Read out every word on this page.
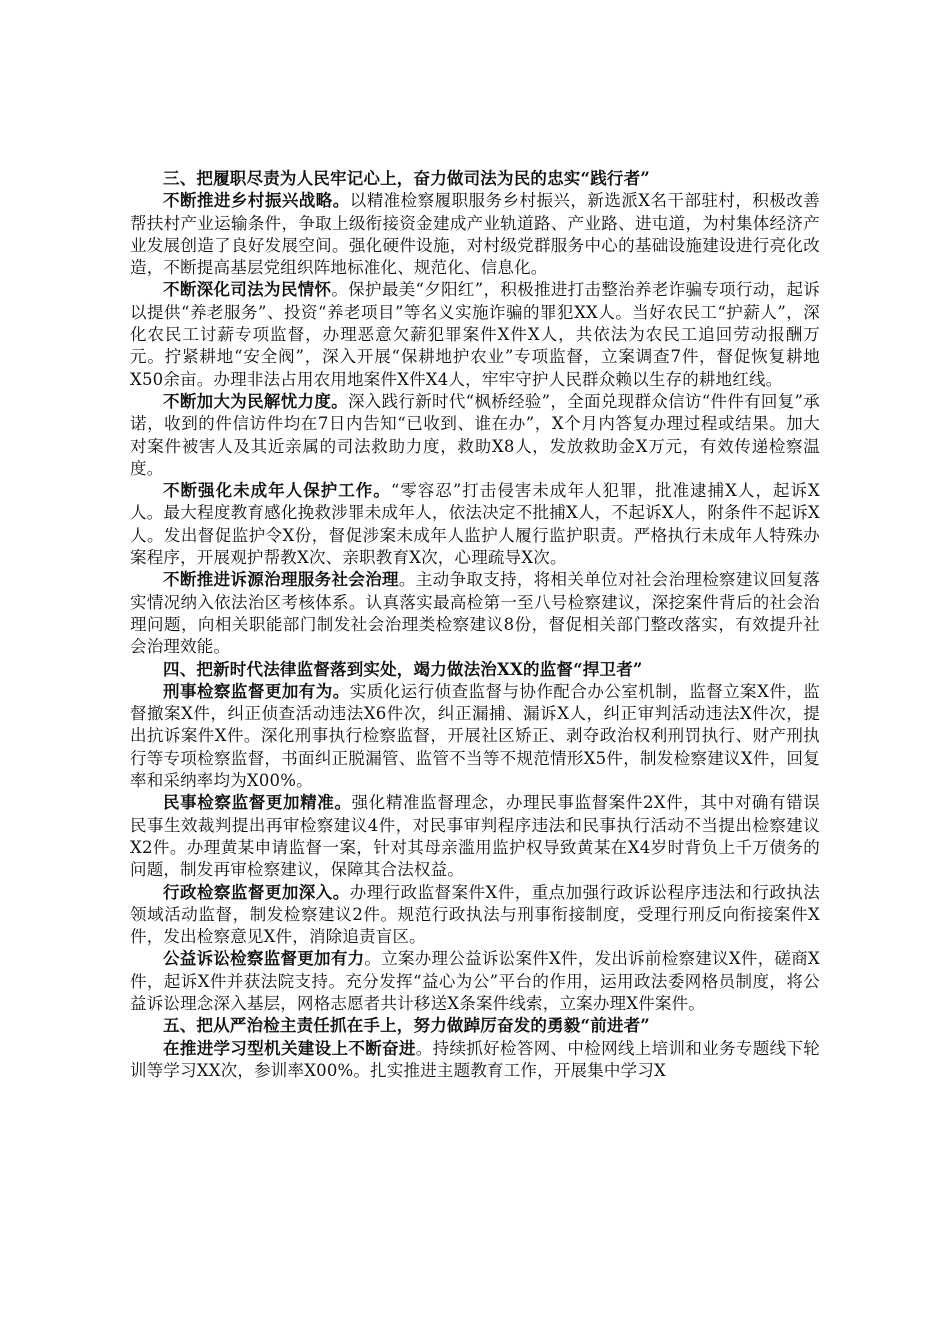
三、把履职尽责为人民牢记心上，奋力做司法为民的忠实“践行者”

不断推进乡村振兴战略。以精准检察履职服务乡村振兴，新选派X名干部驻村，积极改善帮扶村产业运输条件，争取上级衔接资金建成产业轨道路、产业路、进屯道，为村集体经济产业发展创造了良好发展空间。强化硬件设施，对村级党群服务中心的基础设施建设进行亮化改造，不断提高基层党组织阵地标准化、规范化、信息化。

不断深化司法为民情怀。保护最美“夕阳红”，积极推进打击整治养老诈骗专项行动，起诉以提供“养老服务”、投资“养老项目”等名义实施诈骗的罪犯XX人。当好农民工“护薪人”，深化农民工讨薪专项监督，办理恶意欠薪犯罪案件X件X人，共依法为农民工追回劳动报酬万元。拧紧耕地“安全阀”，深入开展“保耕地护农业”专项监督，立案调查7件，督促恢复耕地X50余亩。办理非法占用农用地案件X件X4人，牢牢守护人民群众赖以生存的耕地红线。

不断加大为民解忧力度。深入践行新时代“枫桥经验”，全面兑现群众信访“件件有回复”承诺，收到的件信访件均在7日内告知“已收到、谁在办”，X个月内答复办理过程或结果。加大对案件被害人及其近亲属的司法救助力度，救助X8人，发放救助金X万元，有效传递检察温度。

不断强化未成年人保护工作。“零容忍”打击侵害未成年人犯罪，批准逮捕X人，起诉X人。最大程度教育感化挽救涉罪未成年人，依法决定不批捕X人，不起诉X人，附条件不起诉X人。发出督促监护令X份，督促涉案未成年人监护人履行监护职责。严格执行未成年人特殊办案程序，开展观护帮教X次、亲职教育X次，心理疏导X次。

不断推进诉源治理服务社会治理。主动争取支持，将相关单位对社会治理检察建议回复落实情况纳入依法治区考核体系。认真落实最高检第一至八号检察建议，深挖案件背后的社会治理问题，向相关职能部门制发社会治理类检察建议8份，督促相关部门整改落实，有效提升社会治理效能。

四、把新时代法律监督落到实处，竭力做法治XX的监督“捍卫者”

刑事检察监督更加有为。实质化运行侦查监督与协作配合办公室机制，监督立案X件，监督撤案X件，纠正侦查活动违法X6件次，纠正漏捕、漏诉X人，纠正审判活动违法X件次，提出抗诉案件X件。深化刑事执行检察监督，开展社区矫正、剥夺政治权利刑罚执行、财产刑执行等专项检察监督，书面纠正脱漏管、监管不当等不规范情形X5件，制发检察建议X件，回复率和采纳率均为X00%。

民事检察监督更加精准。强化精准监督理念，办理民事监督案件2X件，其中对确有错误民事生效裁判提出再审检察建议4件，对民事审判程序违法和民事执行活动不当提出检察建议X2件。办理黄某申请监督一案，针对其母亲滥用监护权导致黄某在X4岁时背负上千万债务的问题，制发再审检察建议，保障其合法权益。

行政检察监督更加深入。办理行政监督案件X件，重点加强行政诉讼程序违法和行政执法领域活动监督，制发检察建议2件。规范行政执法与刑事衔接制度，受理行刑反向衔接案件X件，发出检察意见X件，消除追责盲区。

公益诉讼检察监督更加有力。立案办理公益诉讼案件X件，发出诉前检察建议X件，磋商X件，起诉X件并获法院支持。充分发挥“益心为公”平台的作用，运用政法委网格员制度，将公益诉讼理念深入基层，网格志愿者共计移送X条案件线索，立案办理X件案件。

五、把从严治检主责任抓在手上，努力做踔厉奋发的勇毅“前进者”

在推进学习型机关建设上不断奋进。持续抓好检答网、中检网线上培训和业务专题线下轮训等学习XX次，参训率X00%。扎实推进主题教育工作，开展集中学习X
